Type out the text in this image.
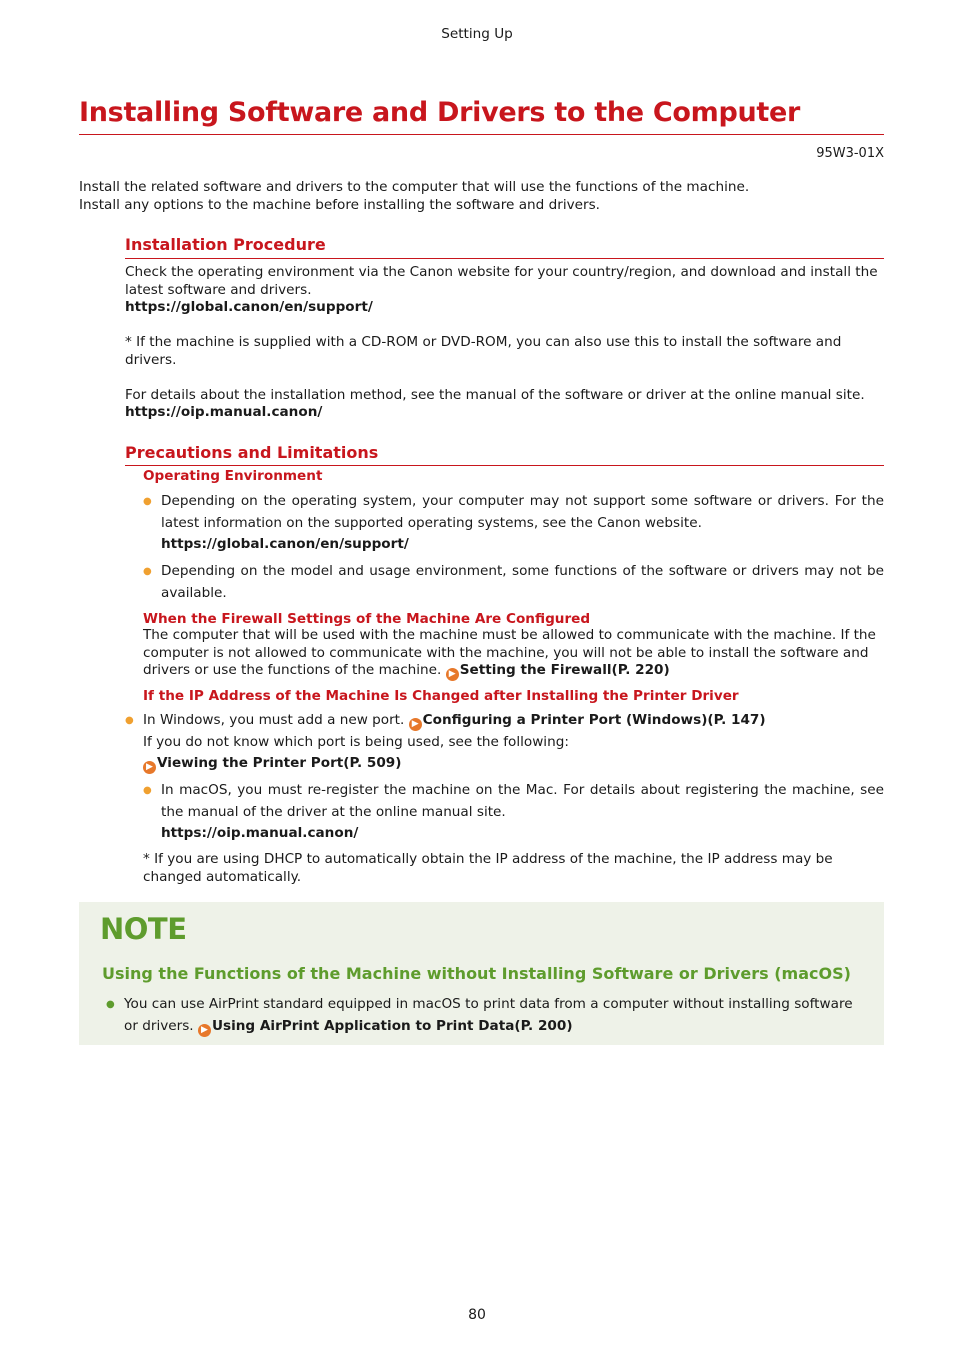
Setting Up
Installing Software and Drivers to the Computer
95W3-01X
Install the related software and drivers to the computer that will use the functions of the machine.
Install any options to the machine before installing the software and drivers.
Installation Procedure
Check the operating environment via the Canon website for your country/region, and download and install the latest software and drivers.
https://global.canon/en/support/
* If the machine is supplied with a CD-ROM or DVD-ROM, you can also use this to install the software and drivers.
For details about the installation method, see the manual of the software or driver at the online manual site.
https://oip.manual.canon/
Precautions and Limitations
Operating Environment
● Depending on the operating system, your computer may not support some software or drivers. For the latest information on the supported operating systems, see the Canon website.
https://global.canon/en/support/
● Depending on the model and usage environment, some functions of the software or drivers may not be available.
When the Firewall Settings of the Machine Are Configured
The computer that will be used with the machine must be allowed to communicate with the machine. If the computer is not allowed to communicate with the machine, you will not be able to install the software and drivers or use the functions of the machine. ▶ Setting the Firewall(P. 220)
If the IP Address of the Machine Is Changed after Installing the Printer Driver
● In Windows, you must add a new port. ▶ Configuring a Printer Port (Windows)(P. 147)
If you do not know which port is being used, see the following:
▶ Viewing the Printer Port(P. 509)
● In macOS, you must re-register the machine on the Mac. For details about registering the machine, see the manual of the driver at the online manual site.
https://oip.manual.canon/
* If you are using DHCP to automatically obtain the IP address of the machine, the IP address may be changed automatically.
NOTE
Using the Functions of the Machine without Installing Software or Drivers (macOS)
● You can use AirPrint standard equipped in macOS to print data from a computer without installing software or drivers. ▶ Using AirPrint Application to Print Data(P. 200)
80
